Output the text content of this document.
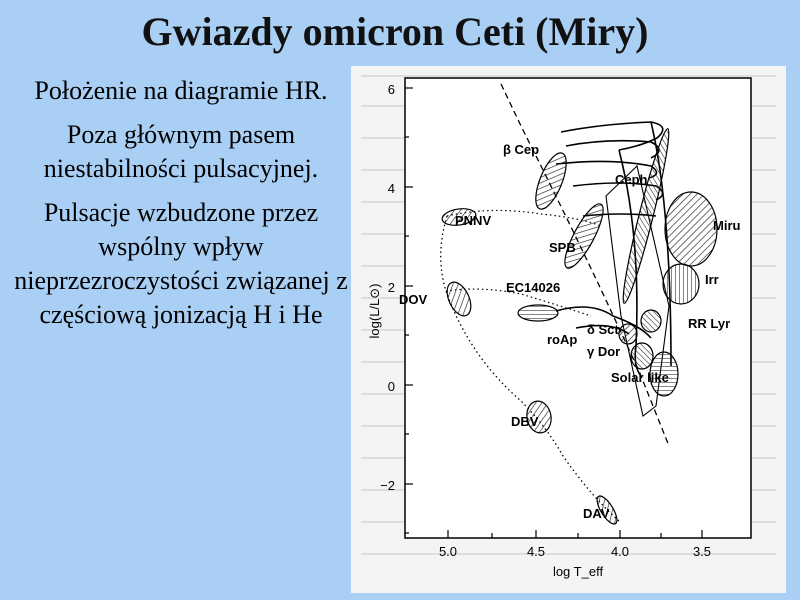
Gwiazdy omicron Ceti (Miry)

Położenie na diagramie HR.

Poza głównym pasem niestabilności pulsacyjnej.

Pulsacje wzbudzone przez wspólny wpływ nieprzezroczystości związanej z częściową jonizacją H i He

6
4
2
0
−2
5.0	4.5	4.0	3.5
log T_eff
log(L/L⊙)
β Cep
Ceph
Miru
PNNV
SPB
Irr
EC14026
DOV
δ Sct	RR Lyr
roAp
γ Dor
Solar like
DBV
DAV
